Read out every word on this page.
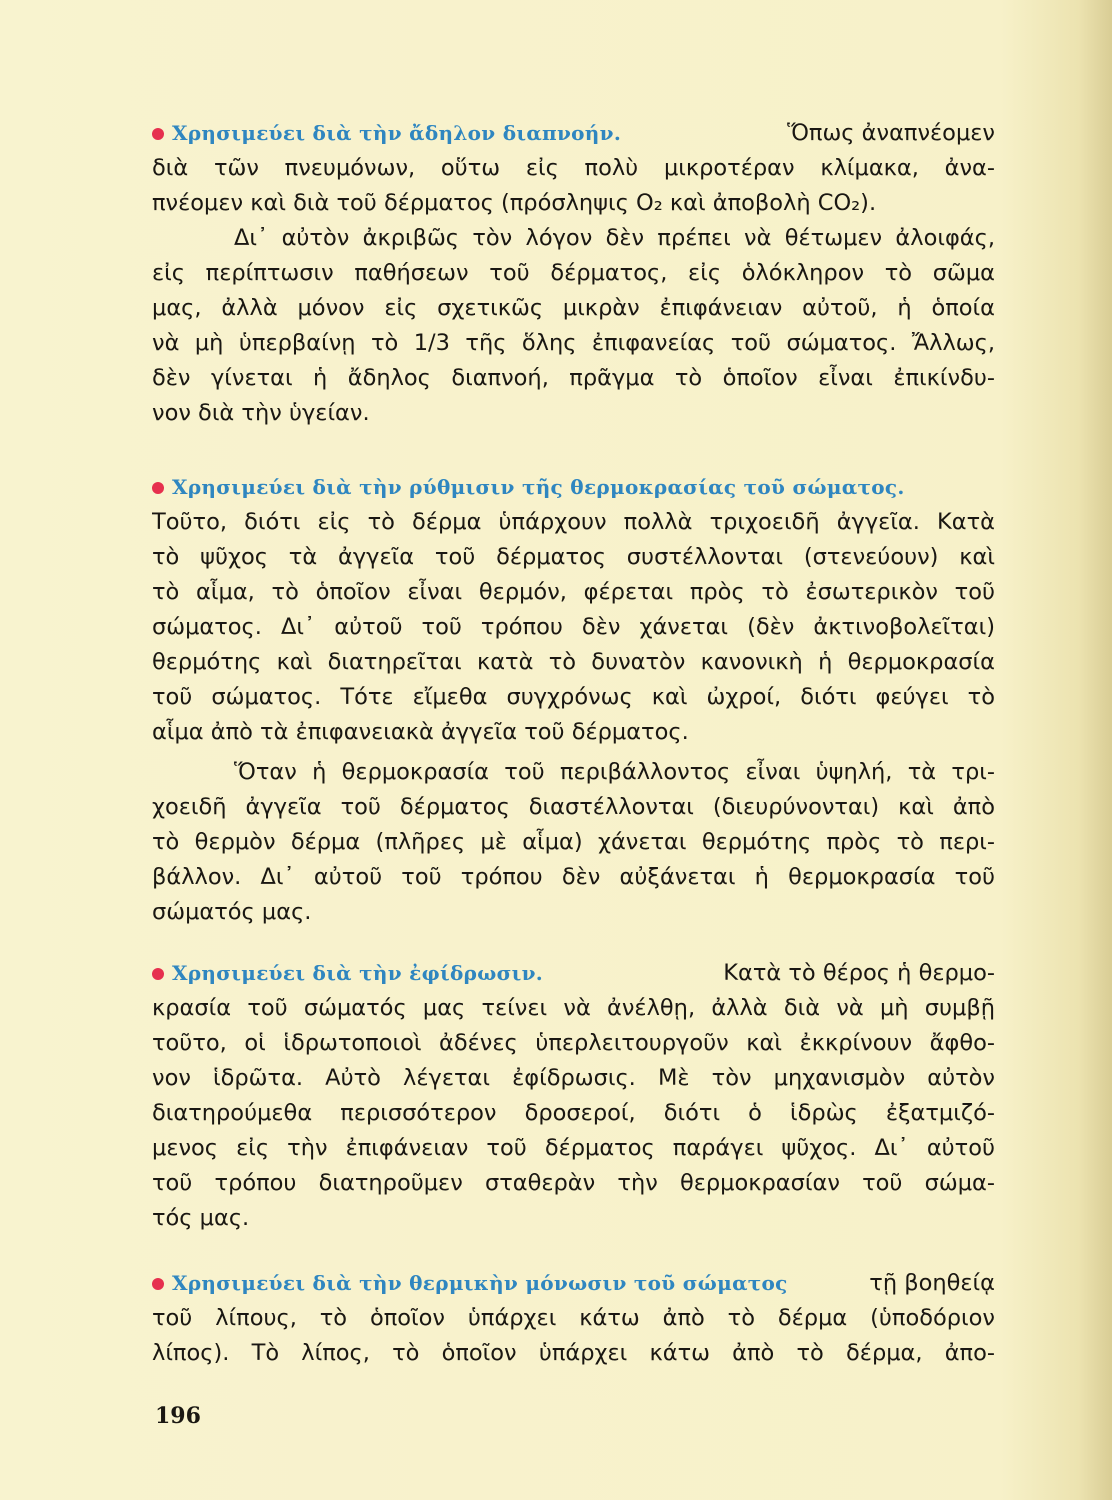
Χρησιμεύει διὰ τὴν ἄδηλον διαπνοήν.	Ὅπως ἀναπνέομεν
διὰ τῶν πνευμόνων, οὕτω εἰς πολὺ μικροτέραν κλίμακα, ἀνα-
πνέομεν καὶ διὰ τοῦ δέρματος (πρόσληψις O₂ καὶ ἀποβολὴ CO₂).
Δι᾽ αὐτὸν ἀκριβῶς τὸν λόγον δὲν πρέπει νὰ θέτωμεν ἀλοιφάς,
εἰς περίπτωσιν παθήσεων τοῦ δέρματος, εἰς ὁλόκληρον τὸ σῶμα
μας, ἀλλὰ μόνον εἰς σχετικῶς μικρὰν ἐπιφάνειαν αὐτοῦ, ἡ ὁποία
νὰ μὴ ὑπερβαίνῃ τὸ 1/3 τῆς ὅλης ἐπιφανείας τοῦ σώματος. Ἄλλως,
δὲν γίνεται ἡ ἄδηλος διαπνοή, πρᾶγμα τὸ ὁποῖον εἶναι ἐπικίνδυ-
νον διὰ τὴν ὑγείαν.
Χρησιμεύει διὰ τὴν ρύθμισιν τῆς θερμοκρασίας τοῦ σώματος.
Τοῦτο, διότι εἰς τὸ δέρμα ὑπάρχουν πολλὰ τριχοειδῆ ἀγγεῖα. Κατὰ
τὸ ψῦχος τὰ ἀγγεῖα τοῦ δέρματος συστέλλονται (στενεύουν) καὶ
τὸ αἷμα, τὸ ὁποῖον εἶναι θερμόν, φέρεται πρὸς τὸ ἐσωτερικὸν τοῦ
σώματος. Δι᾽ αὐτοῦ τοῦ τρόπου δὲν χάνεται (δὲν ἀκτινοβολεῖται)
θερμότης καὶ διατηρεῖται κατὰ τὸ δυνατὸν κανονικὴ ἡ θερμοκρασία
τοῦ σώματος. Τότε εἴμεθα συγχρόνως καὶ ὠχροί, διότι φεύγει τὸ
αἷμα ἀπὸ τὰ ἐπιφανειακὰ ἀγγεῖα τοῦ δέρματος.
Ὅταν ἡ θερμοκρασία τοῦ περιβάλλοντος εἶναι ὑψηλή, τὰ τρι-
χοειδῆ ἀγγεῖα τοῦ δέρματος διαστέλλονται (διευρύνονται) καὶ ἀπὸ
τὸ θερμὸν δέρμα (πλῆρες μὲ αἷμα) χάνεται θερμότης πρὸς τὸ περι-
βάλλον. Δι᾽ αὐτοῦ τοῦ τρόπου δὲν αὐξάνεται ἡ θερμοκρασία τοῦ
σώματός μας.
Χρησιμεύει διὰ τὴν ἐφίδρωσιν.	Κατὰ τὸ θέρος ἡ θερμο-
κρασία τοῦ σώματός μας τείνει νὰ ἀνέλθῃ, ἀλλὰ διὰ νὰ μὴ συμβῇ
τοῦτο, οἱ ἱδρωτοποιοὶ ἀδένες ὑπερλειτουργοῦν καὶ ἐκκρίνουν ἄφθο-
νον ἱδρῶτα. Αὐτὸ λέγεται ἐφίδρωσις. Μὲ τὸν μηχανισμὸν αὐτὸν
διατηρούμεθα περισσότερον δροσεροί, διότι ὁ ἱδρὼς ἐξατμιζό-
μενος εἰς τὴν ἐπιφάνειαν τοῦ δέρματος παράγει ψῦχος. Δι᾽ αὐτοῦ
τοῦ τρόπου διατηροῦμεν σταθερὰν τὴν θερμοκρασίαν τοῦ σώμα-
τός μας.
Χρησιμεύει διὰ τὴν θερμικὴν μόνωσιν τοῦ σώματος	τῇ βοηθείᾳ
τοῦ λίπους, τὸ ὁποῖον ὑπάρχει κάτω ἀπὸ τὸ δέρμα (ὑποδόριον
λίπος). Τὸ λίπος, τὸ ὁποῖον ὑπάρχει κάτω ἀπὸ τὸ δέρμα, ἀπο-
196
